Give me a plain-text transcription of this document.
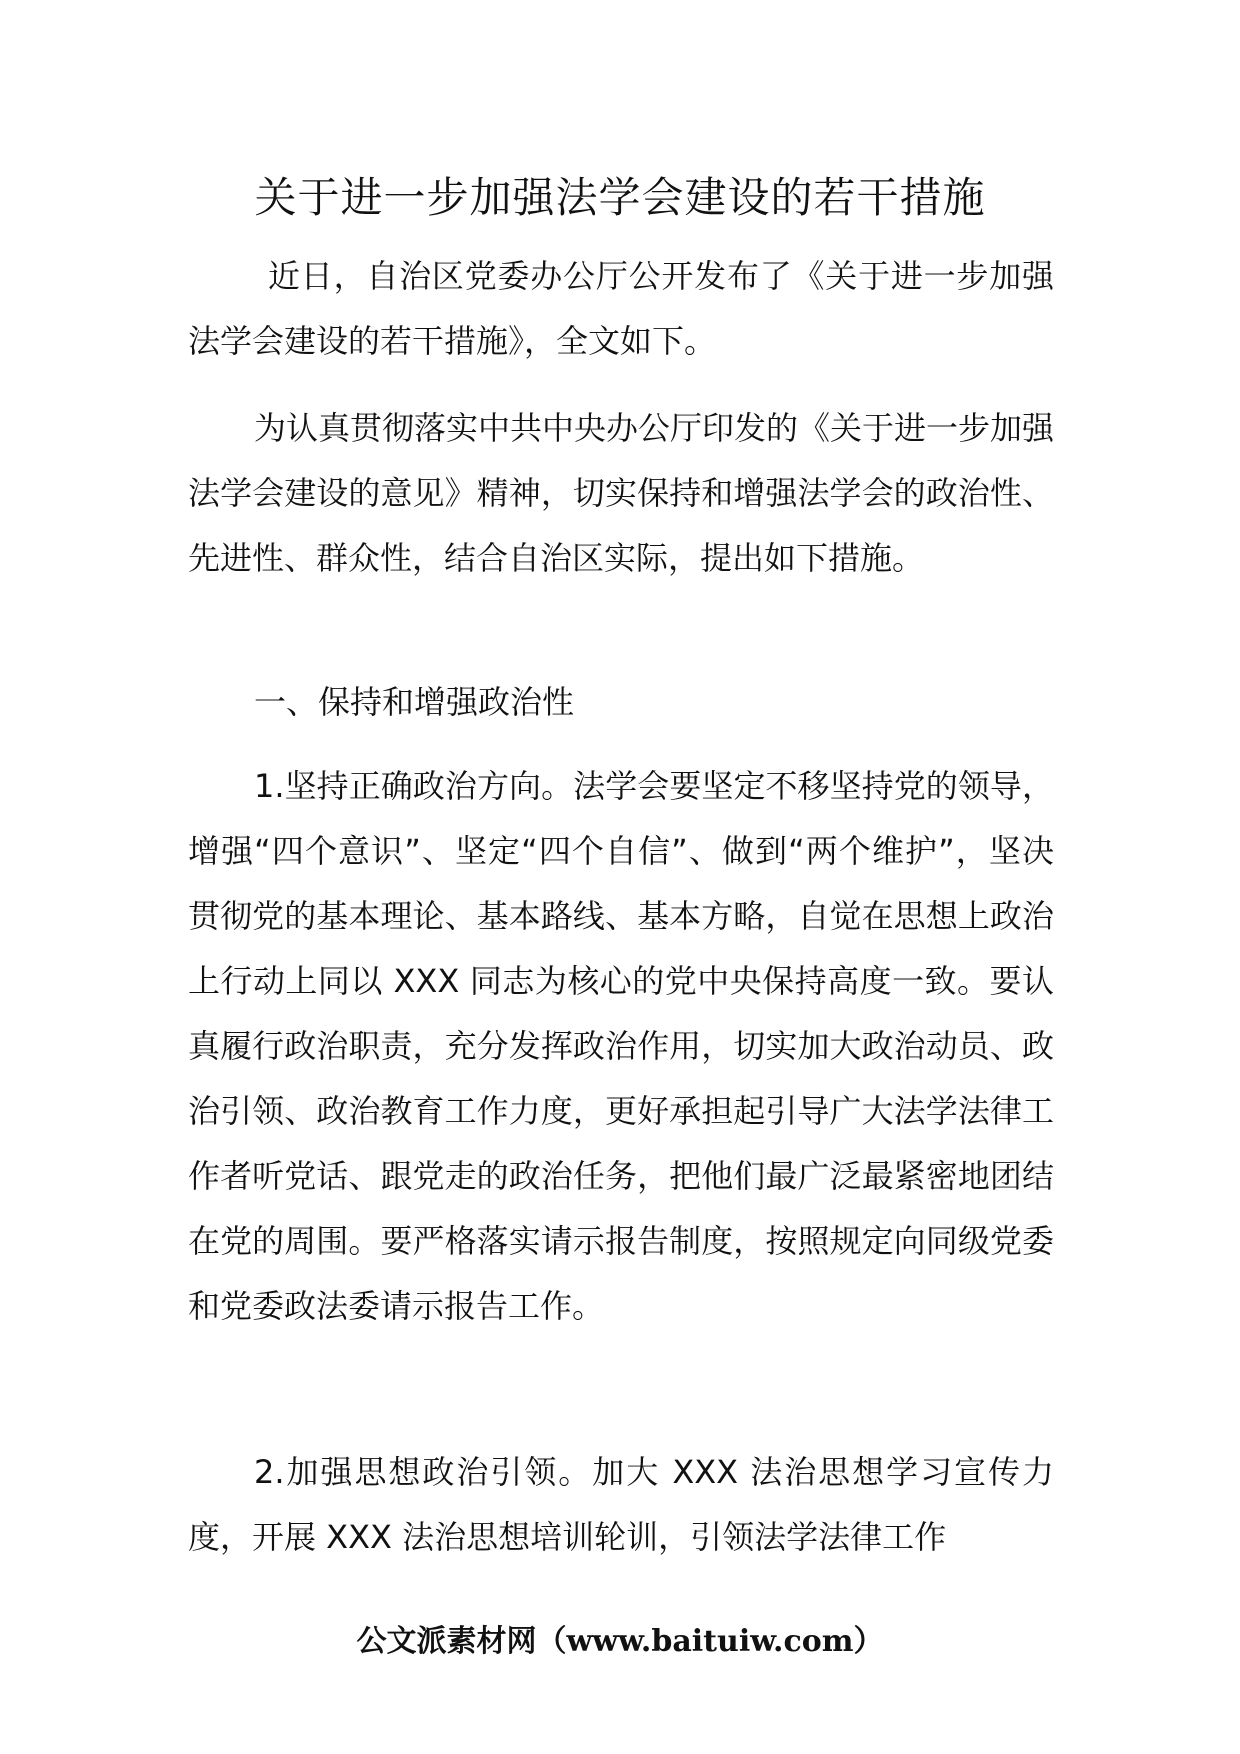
关于进一步加强法学会建设的若干措施

近日，自治区党委办公厅公开发布了《关于进一步加强法学会建设的若干措施》，全文如下。

为认真贯彻落实中共中央办公厅印发的《关于进一步加强法学会建设的意见》精神，切实保持和增强法学会的政治性、先进性、群众性，结合自治区实际，提出如下措施。

一、保持和增强政治性

1.坚持正确政治方向。法学会要坚定不移坚持党的领导，增强“四个意识”、坚定“四个自信”、做到“两个维护”，坚决贯彻党的基本理论、基本路线、基本方略，自觉在思想上政治上行动上同以 XXX 同志为核心的党中央保持高度一致。要认真履行政治职责，充分发挥政治作用，切实加大政治动员、政治引领、政治教育工作力度，更好承担起引导广大法学法律工作者听党话、跟党走的政治任务，把他们最广泛最紧密地团结在党的周围。要严格落实请示报告制度，按照规定向同级党委和党委政法委请示报告工作。

2.加强思想政治引领。加大 XXX 法治思想学习宣传力度，开展 XXX 法治思想培训轮训，引领法学法律工作

公文派素材网（www.baituiw.com）
